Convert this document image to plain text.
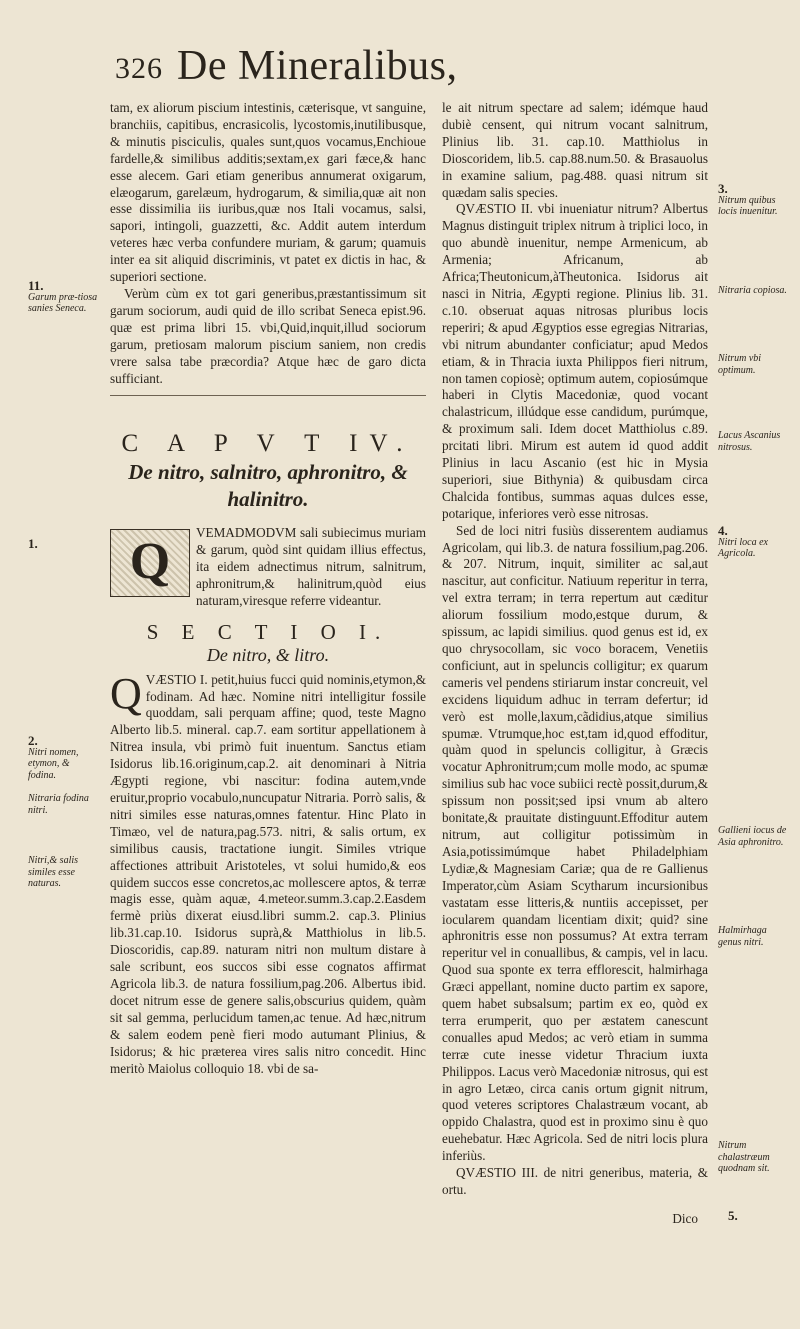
326 De Mineralibus,
11.
Garum præ-tiosa sanies Seneca.
1.
2.
Nitri nomen, etymon, & fodina.
Nitraria fodina nitri.
Nitri,& salis similes esse naturas.
3.
Nitrum quibus locis inuenitur.
Nitraria copiosa.
Nitrum vbi optimum.
Lacus Ascanius nitrosus.
4.
Nitri loca ex Agricola.
Gallieni iocus de Asia aphronitro.
Halmirhaga genus nitri.
Nitrum chalastræum quodnam sit.
5.

tam, ex aliorum piscium intestinis, cæterisque, vt sanguine, branchiis, capitibus, encrasicolis, lycostomis,inutilibusque, & minutis pisciculis, quales sunt,quos vocamus,Enchioue fardelle,& similibus additis;sextam,ex gari fæce,& hanc esse alecem. Gari etiam generibus annumerat oxigarum, elæogarum, garelæum, hydrogarum, & similia,quæ ait non esse dissimilia iis iuribus,quæ nos Itali vocamus, salsi, sapori, intingoli, guazzetti, &c. Addit autem interdum veteres hæc verba confundere muriam, & garum; quamuis inter ea sit aliquid discriminis, vt patet ex dictis in hac, & superiori sectione.

Verùm cùm ex tot gari generibus,præstantissimum sit garum sociorum, audi quid de illo scribat Seneca epist.96. quæ est prima libri 15. vbi,Quid,inquit,illud sociorum garum, pretiosam malorum piscium saniem, non credis vrere salsa tabe præcordia? Atque hæc de garo dicta sufficiant.

C A P V T IV.
De nitro, salnitro, aphronitro, & halinitro.
Q

VEMADMODVM sali subiecimus muriam & garum, quòd sint quidam illius effectus, ita eidem adnectimus nitrum, salnitrum, aphronitrum,& halinitrum,quòd eius naturam,viresque referre videantur.

S E C T I O I.
De nitro, & litro.
Q VÆSTIO I. petit,huius fucci quid nominis,etymon,& fodinam. Ad hæc. Nomine nitri intelligitur fossile quoddam, sali perquam affine; quod, teste Magno Alberto lib.5. mineral. cap.7. eam sortitur appellationem à Nitrea insula, vbi primò fuit inuentum. Sanctus etiam Isidorus lib.16.originum,cap.2. ait denominari à Nitria Ægypti regione, vbi nascitur: fodina autem,vnde eruitur,proprio vocabulo,nuncupatur Nitraria. Porrò salis, & nitri similes esse naturas,omnes fatentur. Hinc Plato in Timæo, vel de natura,pag.573. nitri, & salis ortum, ex similibus causis, tractatione iungit. Similes vtrique affectiones attribuit Aristoteles, vt solui humido,& eos quidem succos esse concretos,ac mollescere aptos, & terræ magis esse, quàm aquæ, 4.meteor.summ.3.cap.2.Easdem fermè priùs dixerat eiusd.libri summ.2. cap.3. Plinius lib.31.cap.10. Isidorus suprà,& Matthiolus in lib.5. Dioscoridis, cap.89. naturam nitri non multum distare à sale scribunt, eos succos sibi esse cognatos affirmat Agricola lib.3. de natura fossilium,pag.206. Albertus ibid. docet nitrum esse de genere salis,obscurius quidem, quàm sit sal gemma, perlucidum tamen,ac tenue. Ad hæc,nitrum & salem eodem penè fieri modo autumant Plinius, & Isidorus; & hic præterea vires salis nitro concedit. Hinc meritò Maiolus colloquio 18. vbi de sa-

le ait nitrum spectare ad salem; idémque haud dubiè censent, qui nitrum vocant salnitrum, Plinius lib. 31. cap.10. Matthiolus in Dioscoridem, lib.5. cap.88.num.50. & Brasauolus in examine salium, pag.488. quasi nitrum sit quædam salis species.

QVÆSTIO II. vbi inueniatur nitrum? Albertus Magnus distinguit triplex nitrum à triplici loco, in quo abundè inuenitur, nempe Armenicum, ab Armenia; Africanum, ab Africa;Theutonicum,àTheutonica. Isidorus ait nasci in Nitria, Ægypti regione. Plinius lib. 31. c.10. obseruat aquas nitrosas pluribus locis reperiri; & apud Ægyptios esse egregias Nitrarias, vbi nitrum abundanter conficiatur; apud Medos etiam, & in Thracia iuxta Philippos fieri nitrum, non tamen copiosè; optimum autem, copiosúmque haberi in Clytis Macedoniæ, quod vocant chalastricum, illúdque esse candidum, purúmque, & proximum sali. Idem docet Matthiolus c.89. prcitati libri. Mirum est autem id quod addit Plinius in lacu Ascanio (est hic in Mysia superiori, siue Bithynia) & quibusdam circa Chalcida fontibus, summas aquas dulces esse, potarique, inferiores verò esse nitrosas.

Sed de loci nitri fusiùs disserentem audiamus Agricolam, qui lib.3. de natura fossilium,pag.206. & 207. Nitrum, inquit, similiter ac sal,aut nascitur, aut conficitur. Natiuum reperitur in terra, vel extra terram; in terra repertum aut cæditur aliorum fossilium modo,estque durum, & spissum, ac lapidi similius. quod genus est id, ex quo chrysocollam, sic voco boracem, Venetiis conficiunt, aut in speluncis colligitur; ex quarum cameris vel pendens stiriarum instar concreuit, vel excidens liquidum adhuc in terram defertur; id verò est molle,laxum,cãdidius,atque similius spumæ. Vtrumque,hoc est,tam id,quod effoditur, quàm quod in speluncis colligitur, à Græcis vocatur Aphronitrum;cum molle modo, ac spumæ similius sub hac voce subiici rectè possit,durum,& spissum non possit;sed ipsi vnum ab altero bonitate,& prauitate distinguunt.Effoditur autem nitrum, aut colligitur potissimùm in Asia,potissimúmque habet Philadelphiam Lydiæ,& Magnesiam Cariæ; qua de re Gallienus Imperator,cùm Asiam Scytharum incursionibus vastatam esse litteris,& nuntiis accepisset, per iocularem quandam licentiam dixit; quid? sine aphronitris esse non possumus? At extra terram reperitur vel in conuallibus, & campis, vel in lacu. Quod sua sponte ex terra efflorescit, halmirhaga Græci appellant, nomine ducto partim ex sapore, quem habet subsalsum; partim ex eo, quòd ex terra erumperit, quo per æstatem canescunt conualles apud Medos; ac verò etiam in summa terræ cute inesse videtur Thracium iuxta Philippos. Lacus verò Macedoniæ nitrosus, qui est in agro Letæo, circa canis ortum gignit nitrum, quod veteres scriptores Chalastræum vocant, ab oppido Chalastra, quod est in proximo sinu è quo euehebatur. Hæc Agricola. Sed de nitri locis plura inferiùs.

QVÆSTIO III. de nitri generibus, materia, & ortu.

Dico
